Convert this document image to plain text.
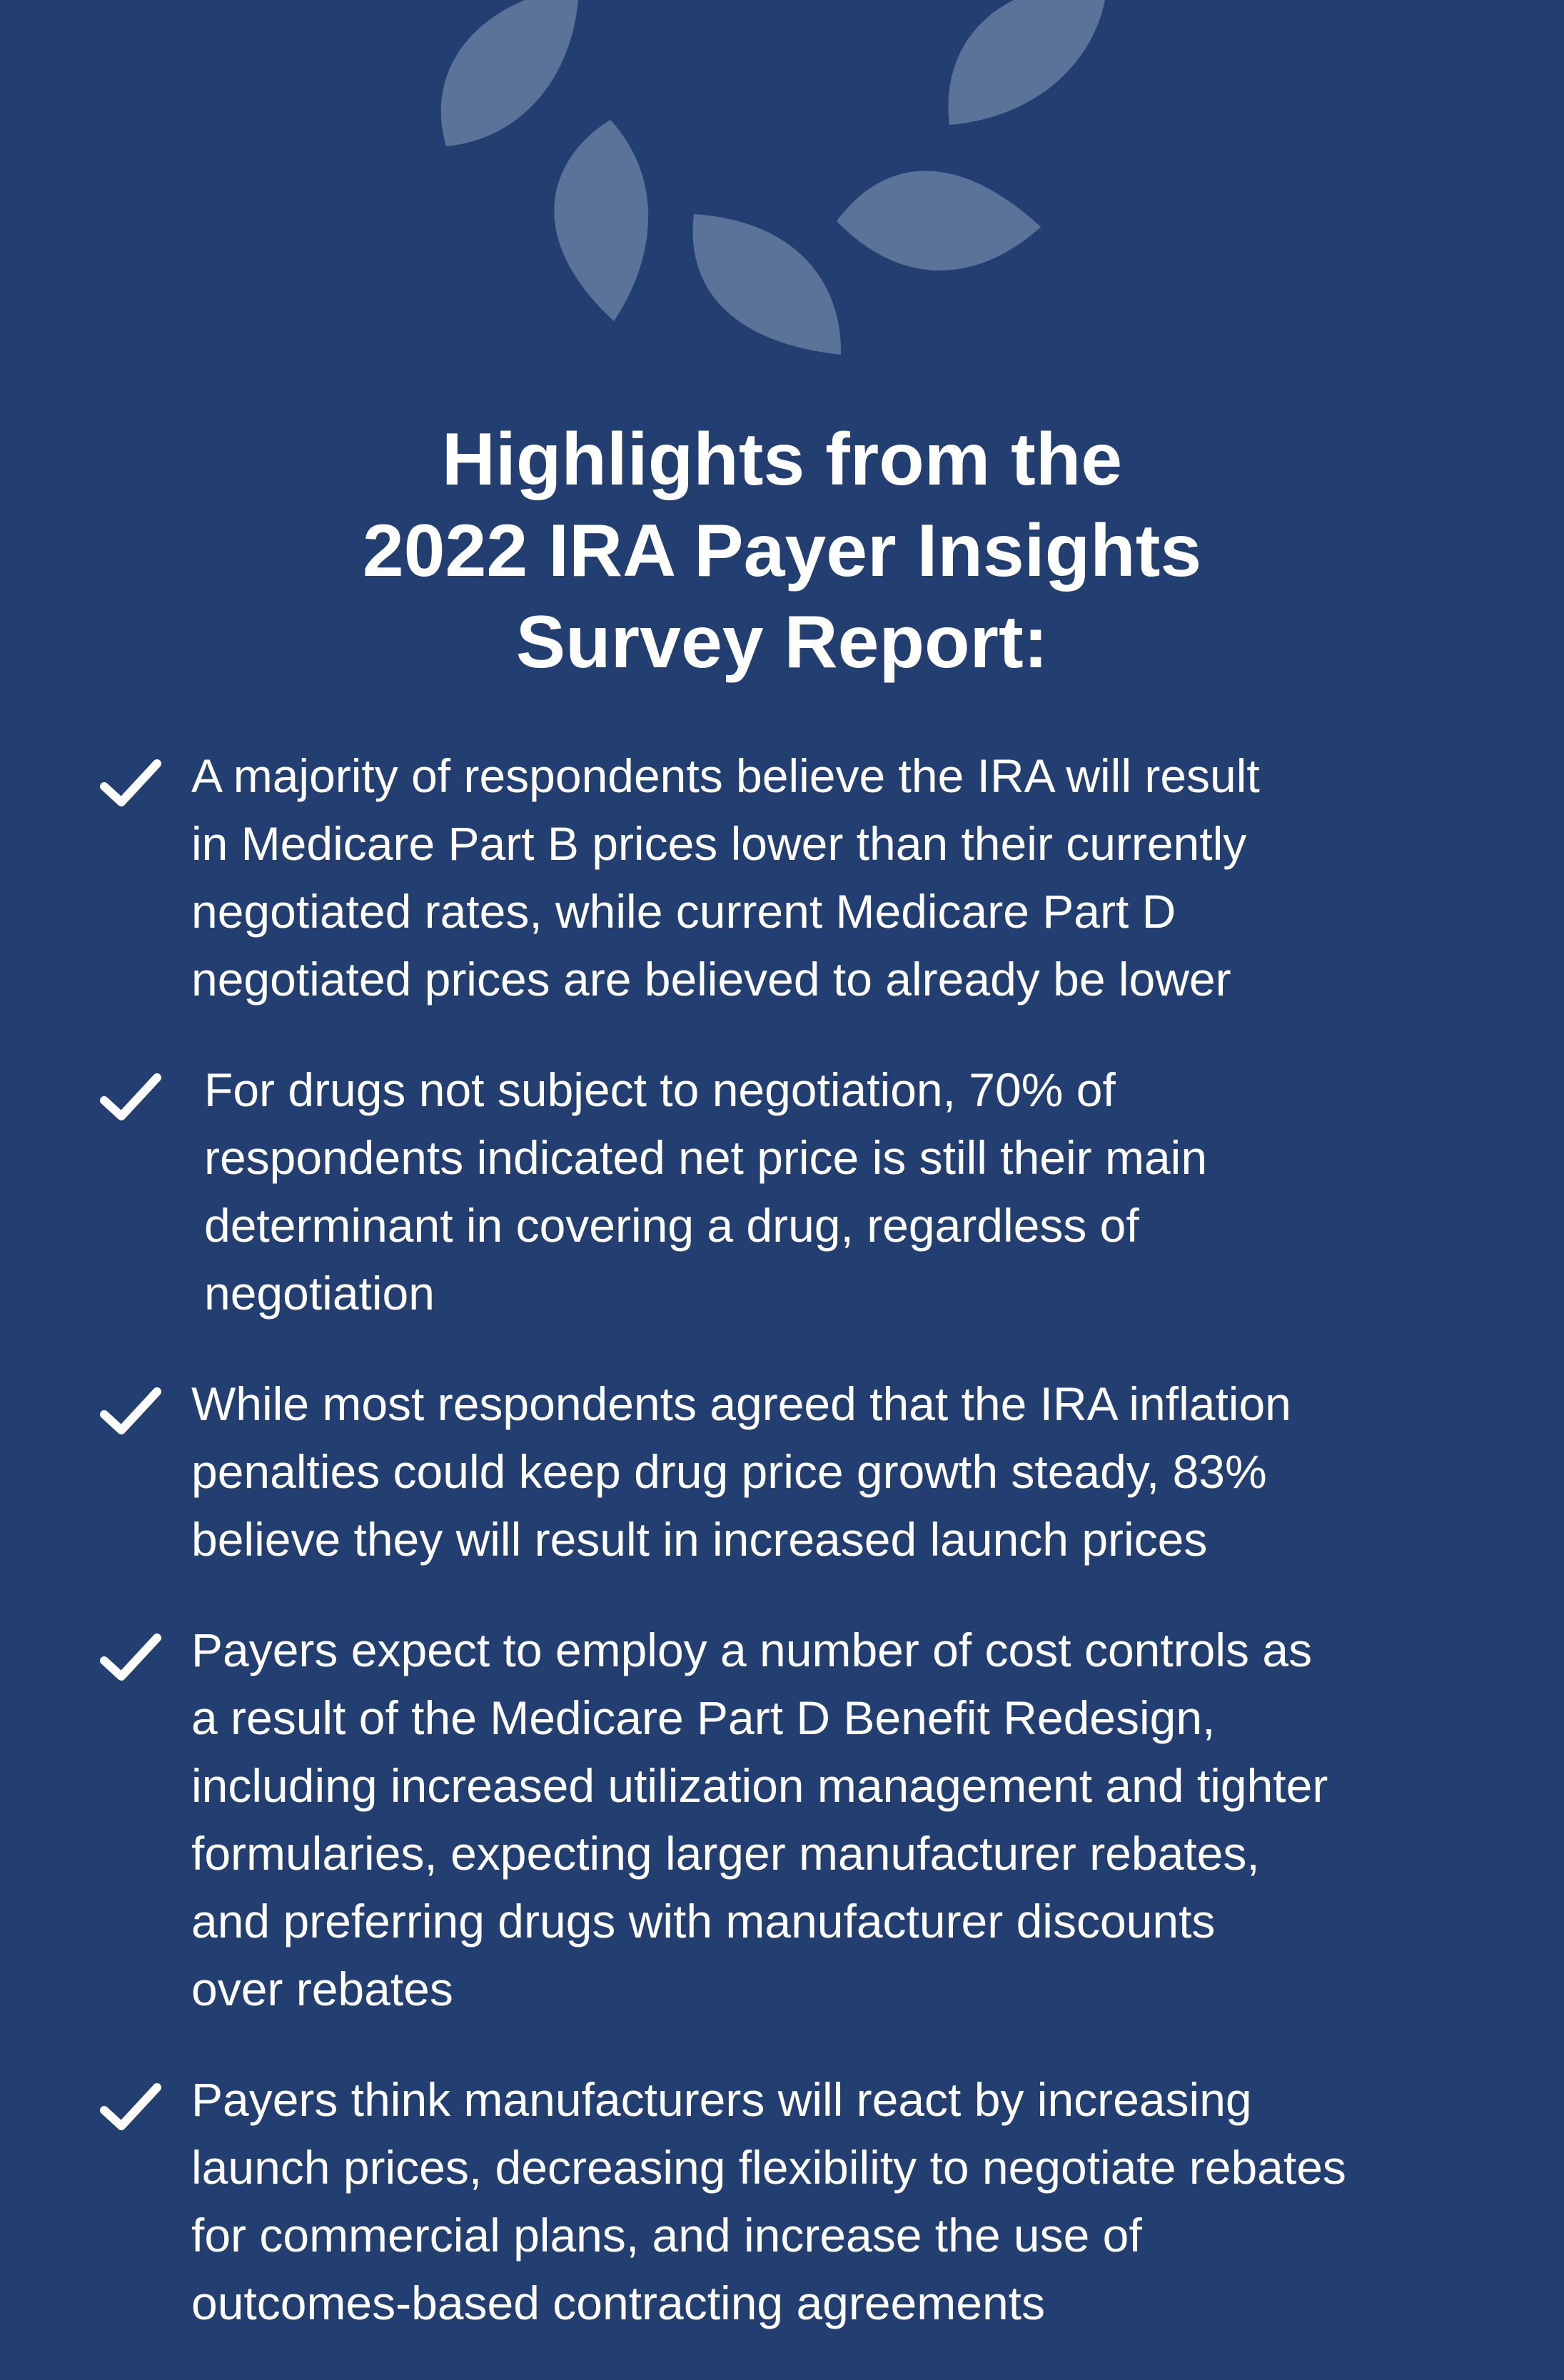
Highlights from the
2022 IRA Payer Insights
Survey Report:
A majority of respondents believe the IRA will result
in Medicare Part B prices lower than their currently
negotiated rates, while current Medicare Part D
negotiated prices are believed to already be lower
For drugs not subject to negotiation, 70% of
respondents indicated net price is still their main
determinant in covering a drug, regardless of
negotiation
While most respondents agreed that the IRA inflation
penalties could keep drug price growth steady, 83%
believe they will result in increased launch prices
Payers expect to employ a number of cost controls as
a result of the Medicare Part D Benefit Redesign,
including increased utilization management and tighter
formularies, expecting larger manufacturer rebates,
and preferring drugs with manufacturer discounts
over rebates
Payers think manufacturers will react by increasing
launch prices, decreasing flexibility to negotiate rebates
for commercial plans, and increase the use of
outcomes-based contracting agreements
